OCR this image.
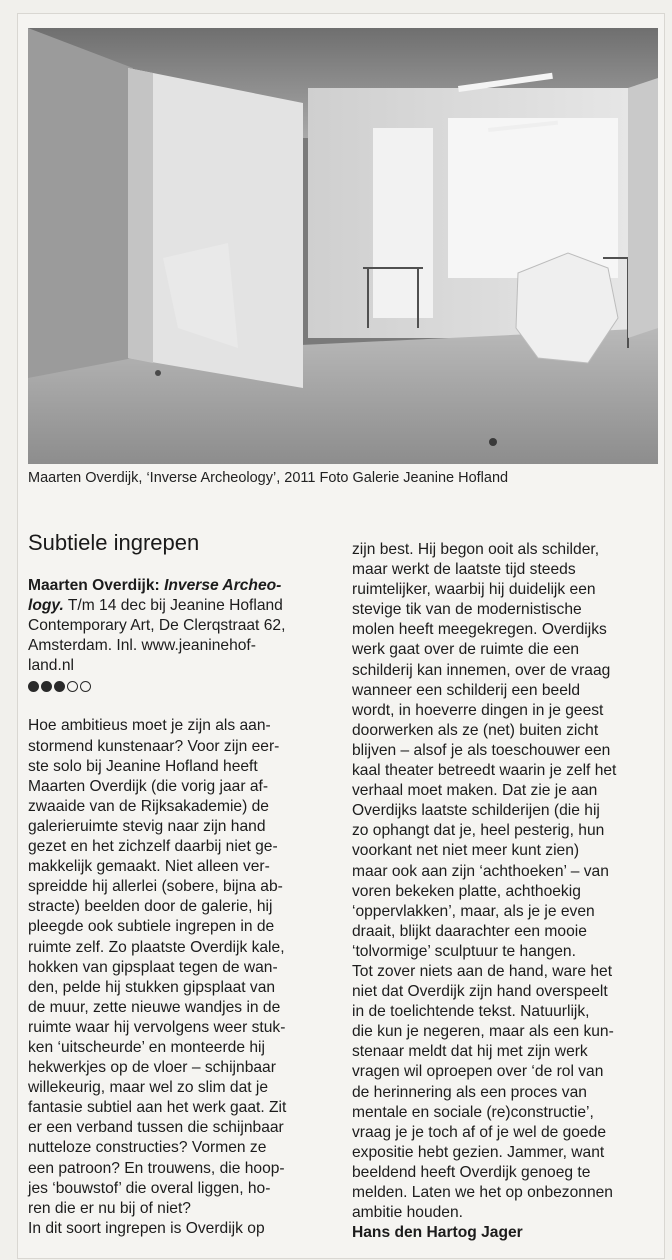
Maarten Overdijk, ‘Inverse Archeology’, 2011 Foto Galerie Jeanine Hofland
Subtiele ingrepen

Maarten Overdijk: Inverse Archeo-
logy. T/m 14 dec bij Jeanine Hofland
Contemporary Art, De Clerqstraat 62,
Amsterdam. Inl. www.jeaninehof-
land.nl

Hoe ambitieus moet je zijn als aan-
stormend kunstenaar? Voor zijn eer-
ste solo bij Jeanine Hofland heeft
Maarten Overdijk (die vorig jaar af-
zwaaide van de Rijksakademie) de
galerieruimte stevig naar zijn hand
gezet en het zichzelf daarbij niet ge-
makkelijk gemaakt. Niet alleen ver-
spreidde hij allerlei (sobere, bijna ab-
stracte) beelden door de galerie, hij
pleegde ook subtiele ingrepen in de
ruimte zelf. Zo plaatste Overdijk kale,
hokken van gipsplaat tegen de wan-
den, pelde hij stukken gipsplaat van
de muur, zette nieuwe wandjes in de
ruimte waar hij vervolgens weer stuk-
ken ‘uitscheurde’ en monteerde hij
hekwerkjes op de vloer – schijnbaar
willekeurig, maar wel zo slim dat je
fantasie subtiel aan het werk gaat. Zit
er een verband tussen die schijnbaar
nutteloze constructies? Vormen ze
een patroon? En trouwens, die hoop-
jes ‘bouwstof’ die overal liggen, ho-
ren die er nu bij of niet?
In dit soort ingrepen is Overdijk op

zijn best. Hij begon ooit als schilder,
maar werkt de laatste tijd steeds
ruimtelijker, waarbij hij duidelijk een
stevige tik van de modernistische
molen heeft meegekregen. Overdijks
werk gaat over de ruimte die een
schilderij kan innemen, over de vraag
wanneer een schilderij een beeld
wordt, in hoeverre dingen in je geest
doorwerken als ze (net) buiten zicht
blijven – alsof je als toeschouwer een
kaal theater betreedt waarin je zelf het
verhaal moet maken. Dat zie je aan
Overdijks laatste schilderijen (die hij
zo ophangt dat je, heel pesterig, hun
voorkant net niet meer kunt zien)
maar ook aan zijn ‘achthoeken’ – van
voren bekeken platte, achthoekig
‘oppervlakken’, maar, als je je even
draait, blijkt daarachter een mooie
‘tolvormige’ sculptuur te hangen.
Tot zover niets aan de hand, ware het
niet dat Overdijk zijn hand overspeelt
in de toelichtende tekst. Natuurlijk,
die kun je negeren, maar als een kun-
stenaar meldt dat hij met zijn werk
vragen wil oproepen over ‘de rol van
de herinnering als een proces van
mentale en sociale (re)constructie’,
vraag je je toch af of je wel de goede
expositie hebt gezien. Jammer, want
beeldend heeft Overdijk genoeg te
melden. Laten we het op onbezonnen
ambitie houden.

Hans den Hartog Jager
